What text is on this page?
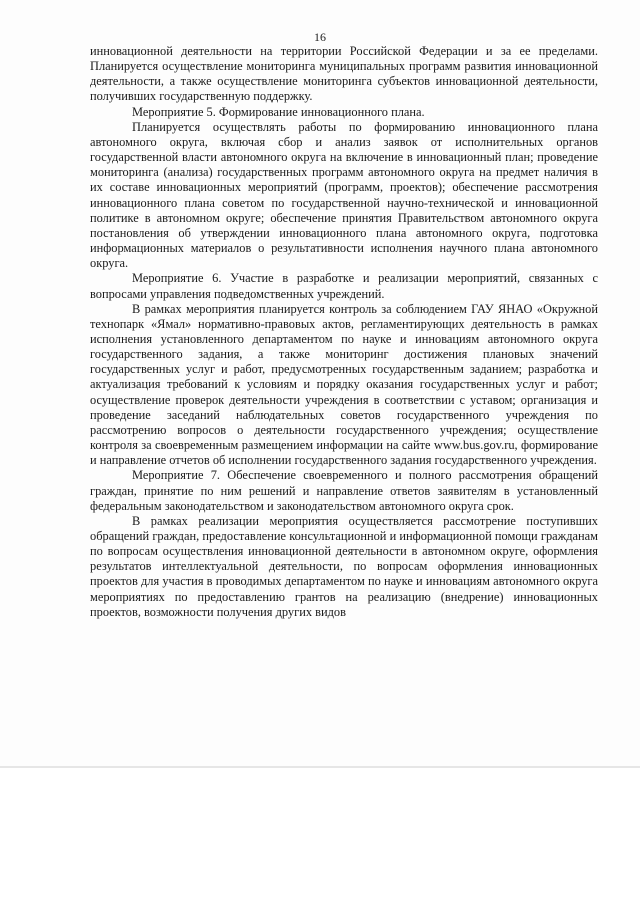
16

инновационной деятельности на территории Российской Федерации и за ее пределами. Планируется осуществление мониторинга муниципальных программ развития инновационной деятельности, а также осуществление мониторинга субъектов инновационной деятельности, получивших государственную поддержку.

Мероприятие 5. Формирование инновационного плана.

Планируется осуществлять работы по формированию инновационного плана автономного округа, включая сбор и анализ заявок от исполнительных органов государственной власти автономного округа на включение в инновационный план; проведение мониторинга (анализа) государственных программ автономного округа на предмет наличия в их составе инновационных мероприятий (программ, проектов); обеспечение рассмотрения инновационного плана советом по государственной научно-технической и инновационной политике в автономном округе; обеспечение принятия Правительством автономного округа постановления об утверждении инновационного плана автономного округа, подготовка информационных материалов о результативности исполнения научного плана автономного округа.

Мероприятие 6. Участие в разработке и реализации мероприятий, связанных с вопросами управления подведомственных учреждений.

В рамках мероприятия планируется контроль за соблюдением ГАУ ЯНАО «Окружной технопарк «Ямал» нормативно-правовых актов, регламентирующих деятельность в рамках исполнения установленного департаментом по науке и инновациям автономного округа государственного задания, а также мониторинг достижения плановых значений государственных услуг и работ, предусмотренных государственным заданием; разработка и актуализация требований к условиям и порядку оказания государственных услуг и работ; осуществление проверок деятельности учреждения в соответствии с уставом; организация и проведение заседаний наблюдательных советов государственного учреждения по рассмотрению вопросов о деятельности государственного учреждения; осуществление контроля за своевременным размещением информации на сайте www.bus.gov.ru, формирование и направление отчетов об исполнении государственного задания государственного учреждения.

Мероприятие 7. Обеспечение своевременного и полного рассмотрения обращений граждан, принятие по ним решений и направление ответов заявителям в установленный федеральным законодательством и законодательством автономного округа срок.

В рамках реализации мероприятия осуществляется рассмотрение поступивших обращений граждан, предоставление консультационной и информационной помощи гражданам по вопросам осуществления инновационной деятельности в автономном округе, оформления результатов интеллектуальной деятельности, по вопросам оформления инновационных проектов для участия в проводимых департаментом по науке и инновациям автономного округа мероприятиях по предоставлению грантов на реализацию (внедрение) инновационных проектов, возможности получения других видов
